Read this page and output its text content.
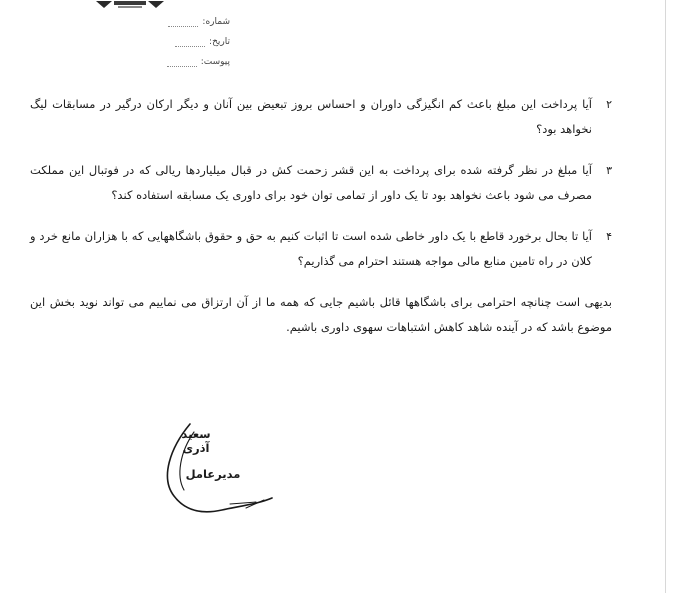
شماره:
تاریخ:
پیوست:
۲
آیا پرداخت این مبلغ باعث کم انگیزگی داوران و احساس بروز تبعیض بین آنان و دیگر ارکان درگیر در مسابقات لیگ نخواهد بود؟
۳
آیا مبلغ در نظر گرفته شده برای پرداخت به این قشر زحمت کش در قبال میلیاردها ریالی که در فوتبال این مملکت مصرف می شود باعث نخواهد بود تا یک داور از تمامی توان خود برای داوری یک مسابقه استفاده کند؟
۴
آیا تا بحال برخورد قاطع با یک داور خاطی شده است تا اثبات کنیم به حق و حقوق باشگاههایی که با هزاران مانع خرد و کلان در راه تامین منابع مالی مواجه هستند احترام می گذاریم؟
بدیهی است چنانچه احترامی برای باشگاهها قائل باشیم جایی که همه ما از آن ارتزاق می نماییم می تواند نوید بخش این موضوع باشد که در آینده شاهد کاهش اشتباهات سهوی داوری باشیم.
سعید آذری
مدیرعامل
